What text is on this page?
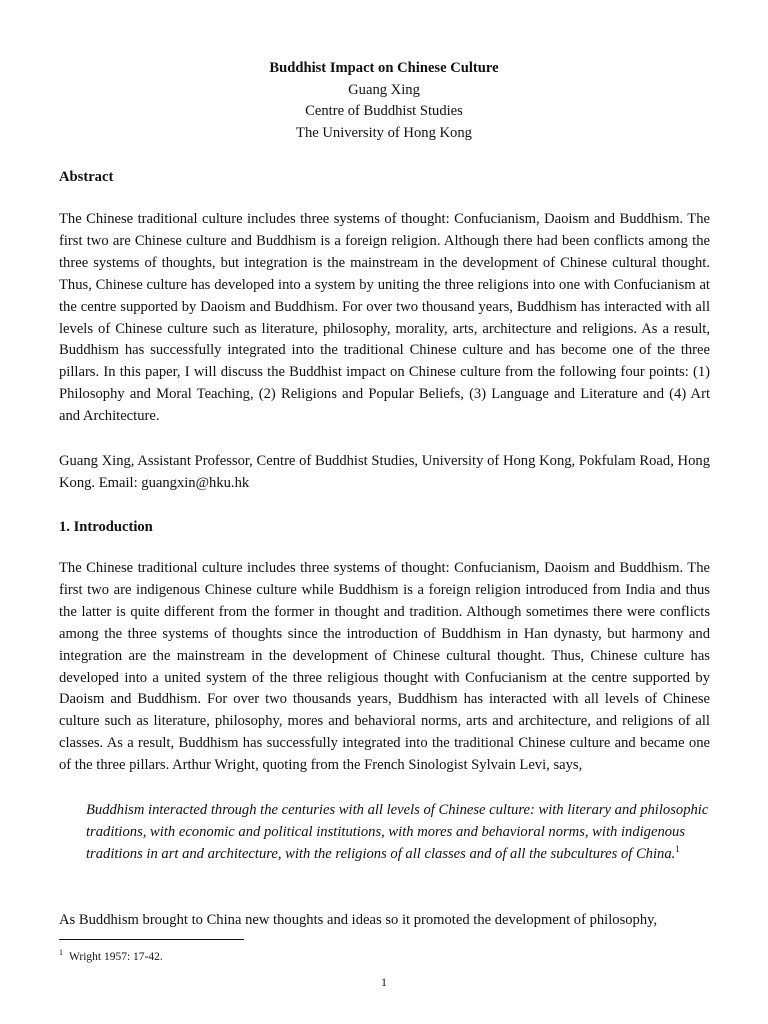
Buddhist Impact on Chinese Culture
Guang Xing
Centre of Buddhist Studies
The University of Hong Kong
Abstract

The Chinese traditional culture includes three systems of thought: Confucianism, Daoism and Buddhism. The first two are Chinese culture and Buddhism is a foreign religion. Although there had been conflicts among the three systems of thoughts, but integration is the mainstream in the development of Chinese cultural thought. Thus, Chinese culture has developed into a system by uniting the three religions into one with Confucianism at the centre supported by Daoism and Buddhism. For over two thousand years, Buddhism has interacted with all levels of Chinese culture such as literature, philosophy, morality, arts, architecture and religions. As a result, Buddhism has successfully integrated into the traditional Chinese culture and has become one of the three pillars. In this paper, I will discuss the Buddhist impact on Chinese culture from the following four points: (1) Philosophy and Moral Teaching, (2) Religions and Popular Beliefs, (3) Language and Literature and (4) Art and Architecture.

Guang Xing, Assistant Professor, Centre of Buddhist Studies, University of Hong Kong, Pokfulam Road, Hong Kong. Email: guangxin@hku.hk

1. Introduction

The Chinese traditional culture includes three systems of thought: Confucianism, Daoism and Buddhism. The first two are indigenous Chinese culture while Buddhism is a foreign religion introduced from India and thus the latter is quite different from the former in thought and tradition. Although sometimes there were conflicts among the three systems of thoughts since the introduction of Buddhism in Han dynasty, but harmony and integration are the mainstream in the development of Chinese cultural thought. Thus, Chinese culture has developed into a united system of the three religious thought with Confucianism at the centre supported by Daoism and Buddhism. For over two thousands years, Buddhism has interacted with all levels of Chinese culture such as literature, philosophy, mores and behavioral norms, arts and architecture, and religions of all classes. As a result, Buddhism has successfully integrated into the traditional Chinese culture and became one of the three pillars. Arthur Wright, quoting from the French Sinologist Sylvain Levi, says,

Buddhism interacted through the centuries with all levels of Chinese culture: with literary and philosophic traditions, with economic and political institutions, with mores and behavioral norms, with indigenous traditions in art and architecture, with the religions of all classes and of all the subcultures of China.$^1$

As Buddhism brought to China new thoughts and ideas so it promoted the development of philosophy,

$^1$ Wright 1957: 17-42.
1
